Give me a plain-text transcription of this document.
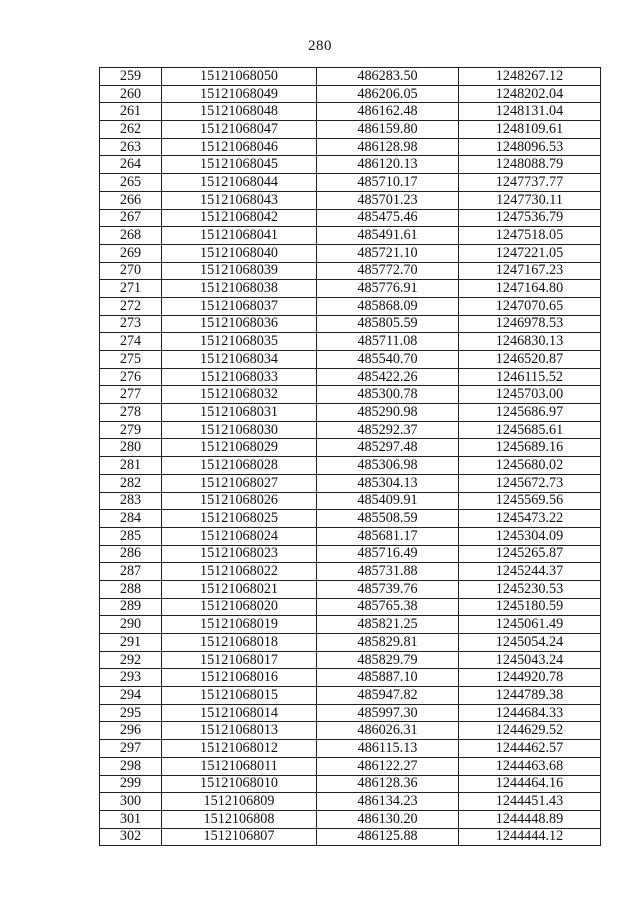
280
259	15121068050	486283.50	1248267.12
260	15121068049	486206.05	1248202.04
261	15121068048	486162.48	1248131.04
262	15121068047	486159.80	1248109.61
263	15121068046	486128.98	1248096.53
264	15121068045	486120.13	1248088.79
265	15121068044	485710.17	1247737.77
266	15121068043	485701.23	1247730.11
267	15121068042	485475.46	1247536.79
268	15121068041	485491.61	1247518.05
269	15121068040	485721.10	1247221.05
270	15121068039	485772.70	1247167.23
271	15121068038	485776.91	1247164.80
272	15121068037	485868.09	1247070.65
273	15121068036	485805.59	1246978.53
274	15121068035	485711.08	1246830.13
275	15121068034	485540.70	1246520.87
276	15121068033	485422.26	1246115.52
277	15121068032	485300.78	1245703.00
278	15121068031	485290.98	1245686.97
279	15121068030	485292.37	1245685.61
280	15121068029	485297.48	1245689.16
281	15121068028	485306.98	1245680.02
282	15121068027	485304.13	1245672.73
283	15121068026	485409.91	1245569.56
284	15121068025	485508.59	1245473.22
285	15121068024	485681.17	1245304.09
286	15121068023	485716.49	1245265.87
287	15121068022	485731.88	1245244.37
288	15121068021	485739.76	1245230.53
289	15121068020	485765.38	1245180.59
290	15121068019	485821.25	1245061.49
291	15121068018	485829.81	1245054.24
292	15121068017	485829.79	1245043.24
293	15121068016	485887.10	1244920.78
294	15121068015	485947.82	1244789.38
295	15121068014	485997.30	1244684.33
296	15121068013	486026.31	1244629.52
297	15121068012	486115.13	1244462.57
298	15121068011	486122.27	1244463.68
299	15121068010	486128.36	1244464.16
300	1512106809	486134.23	1244451.43
301	1512106808	486130.20	1244448.89
302	1512106807	486125.88	1244444.12
